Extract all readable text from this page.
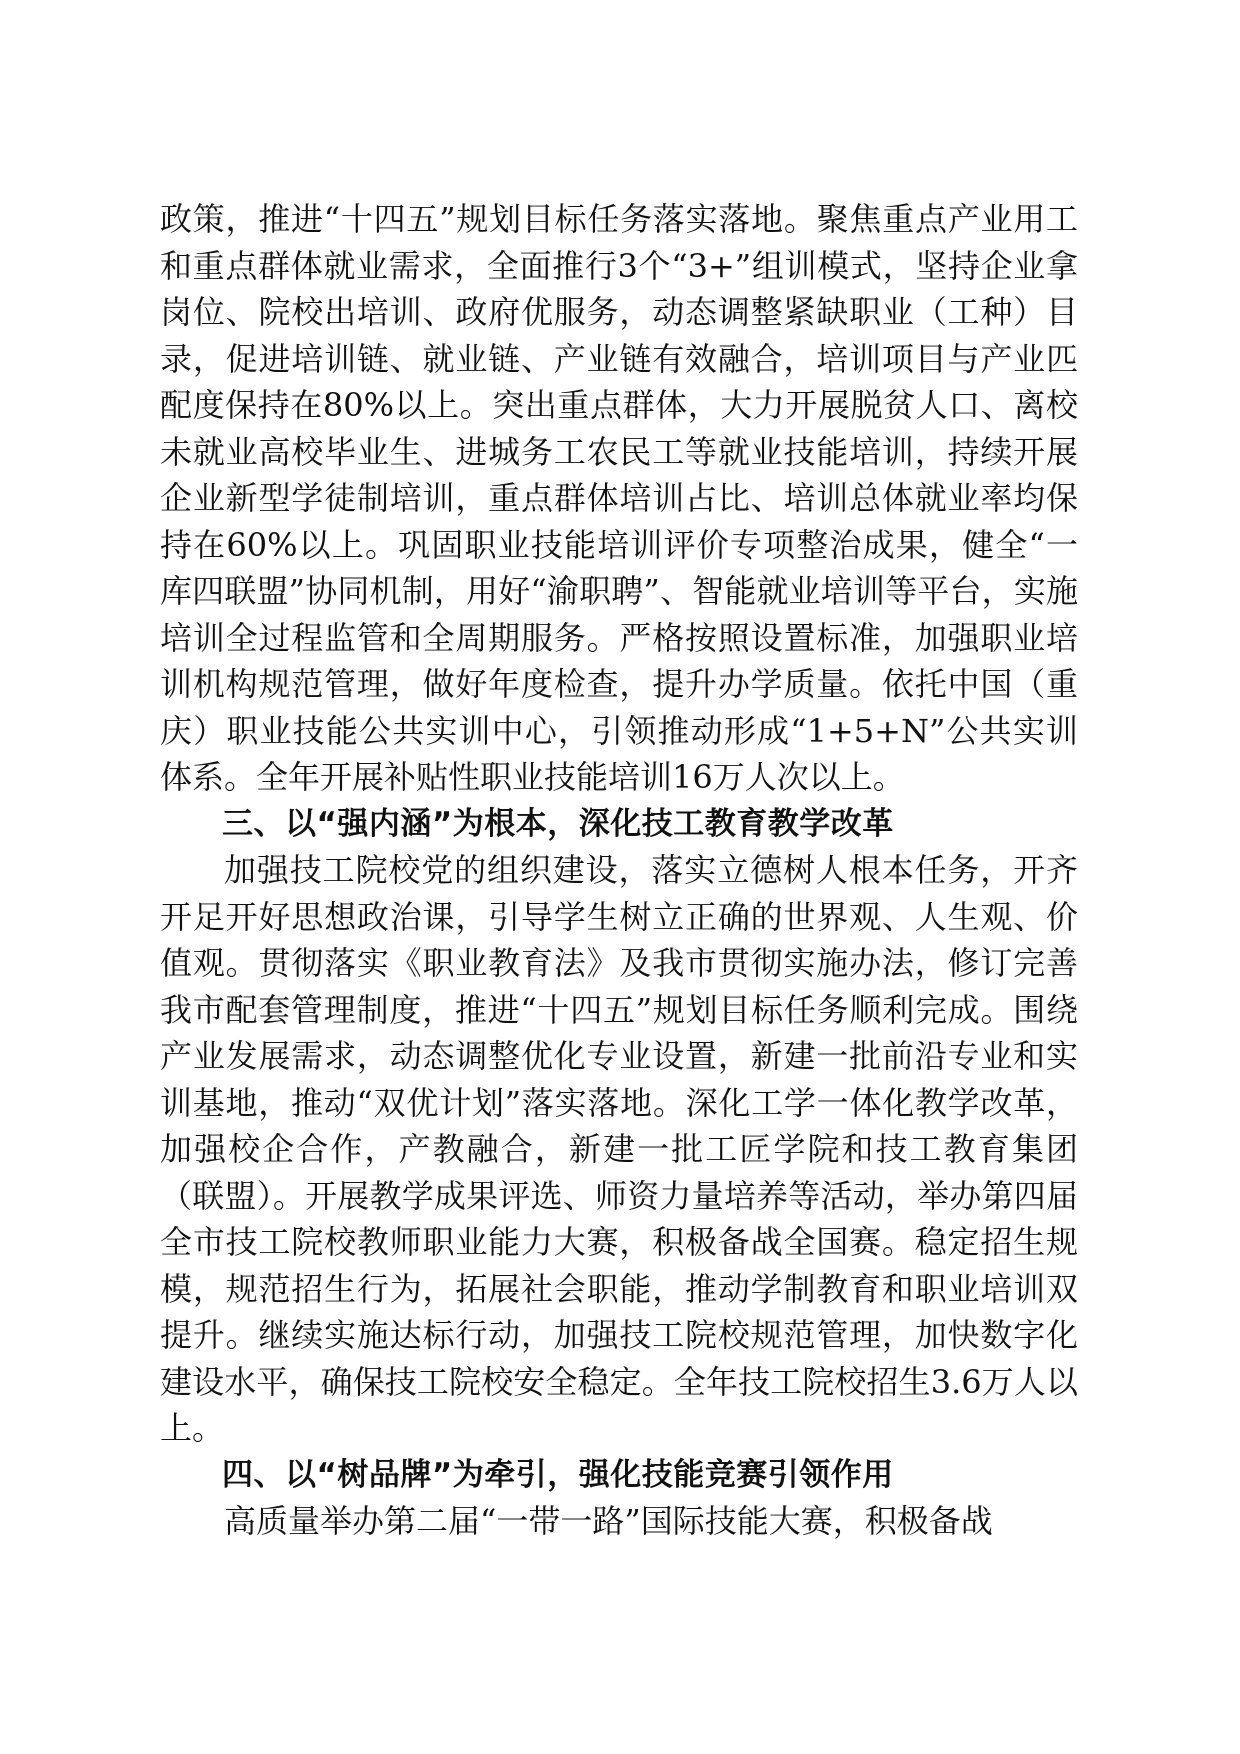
政策，推进“十四五”规划目标任务落实落地。聚焦重点产业用工和重点群体就业需求，全面推行3个“3+”组训模式，坚持企业拿岗位、院校出培训、政府优服务，动态调整紧缺职业（工种）目录，促进培训链、就业链、产业链有效融合，培训项目与产业匹配度保持在80%以上。突出重点群体，大力开展脱贫人口、离校未就业高校毕业生、进城务工农民工等就业技能培训，持续开展企业新型学徒制培训，重点群体培训占比、培训总体就业率均保持在60%以上。巩固职业技能培训评价专项整治成果，健全“一库四联盟”协同机制，用好“渝职聘”、智能就业培训等平台，实施培训全过程监管和全周期服务。严格按照设置标准，加强职业培训机构规范管理，做好年度检查，提升办学质量。依托中国（重庆）职业技能公共实训中心，引领推动形成“1+5+N”公共实训体系。全年开展补贴性职业技能培训16万人次以上。

三、以“强内涵”为根本，深化技工教育教学改革

加强技工院校党的组织建设，落实立德树人根本任务，开齐开足开好思想政治课，引导学生树立正确的世界观、人生观、价值观。贯彻落实《职业教育法》及我市贯彻实施办法，修订完善我市配套管理制度，推进“十四五”规划目标任务顺利完成。围绕产业发展需求，动态调整优化专业设置，新建一批前沿专业和实训基地，推动“双优计划”落实落地。深化工学一体化教学改革，加强校企合作，产教融合，新建一批工匠学院和技工教育集团（联盟）。开展教学成果评选、师资力量培养等活动，举办第四届全市技工院校教师职业能力大赛，积极备战全国赛。稳定招生规模，规范招生行为，拓展社会职能，推动学制教育和职业培训双提升。继续实施达标行动，加强技工院校规范管理，加快数字化建设水平，确保技工院校安全稳定。全年技工院校招生3.6万人以上。

四、以“树品牌”为牵引，强化技能竞赛引领作用

高质量举办第二届“一带一路”国际技能大赛，积极备战
